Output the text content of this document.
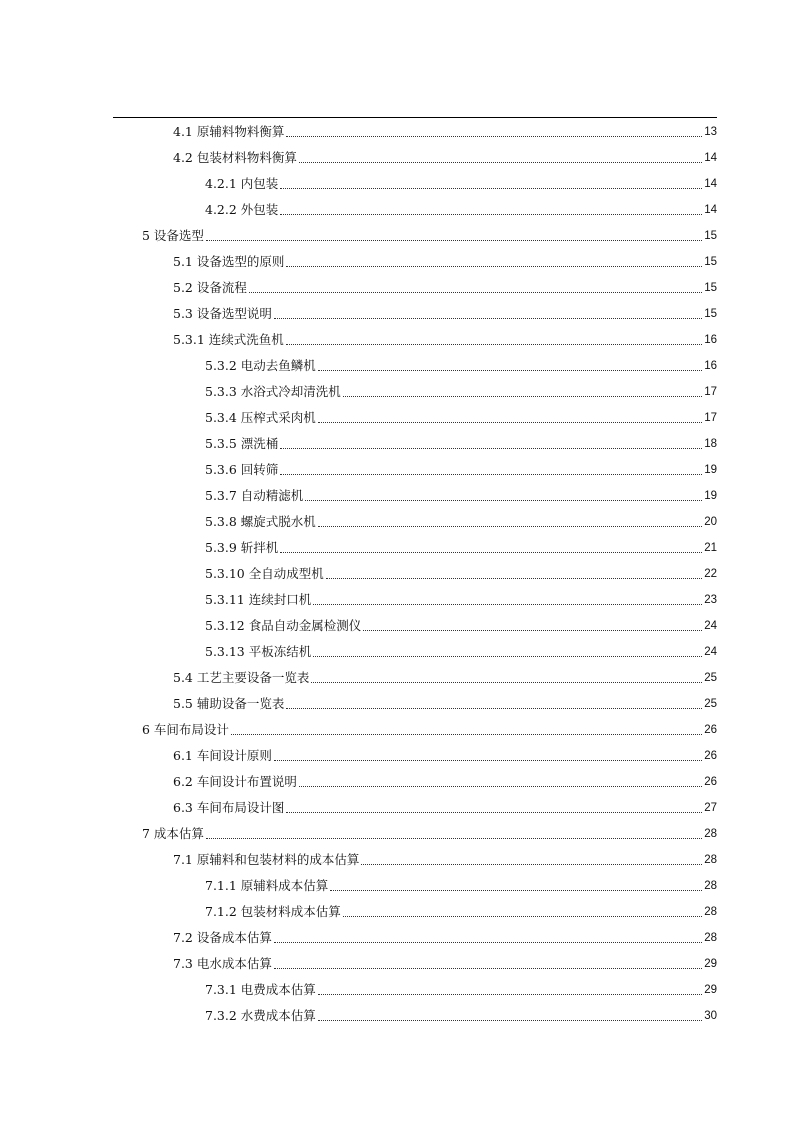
4.1 原辅料物料衡算	13
4.2 包装材料物料衡算	14
4.2.1 内包装	14
4.2.2 外包装	14
5 设备选型	15
5.1 设备选型的原则	15
5.2 设备流程	15
5.3 设备选型说明	15
5.3.1 连续式洗鱼机	16
5.3.2 电动去鱼鳞机	16
5.3.3 水浴式冷却清洗机	17
5.3.4 压榨式采肉机	17
5.3.5 漂洗桶	18
5.3.6 回转筛	19
5.3.7 自动精滤机	19
5.3.8 螺旋式脱水机	20
5.3.9 斩拌机	21
5.3.10 全自动成型机	22
5.3.11 连续封口机	23
5.3.12 食品自动金属检测仪	24
5.3.13 平板冻结机	24
5.4 工艺主要设备一览表	25
5.5 辅助设备一览表	25
6 车间布局设计	26
6.1 车间设计原则	26
6.2 车间设计布置说明	26
6.3 车间布局设计图	27
7 成本估算	28
7.1 原辅料和包装材料的成本估算	28
7.1.1 原辅料成本估算	28
7.1.2 包装材料成本估算	28
7.2 设备成本估算	28
7.3 电水成本估算	29
7.3.1 电费成本估算	29
7.3.2 水费成本估算	30
